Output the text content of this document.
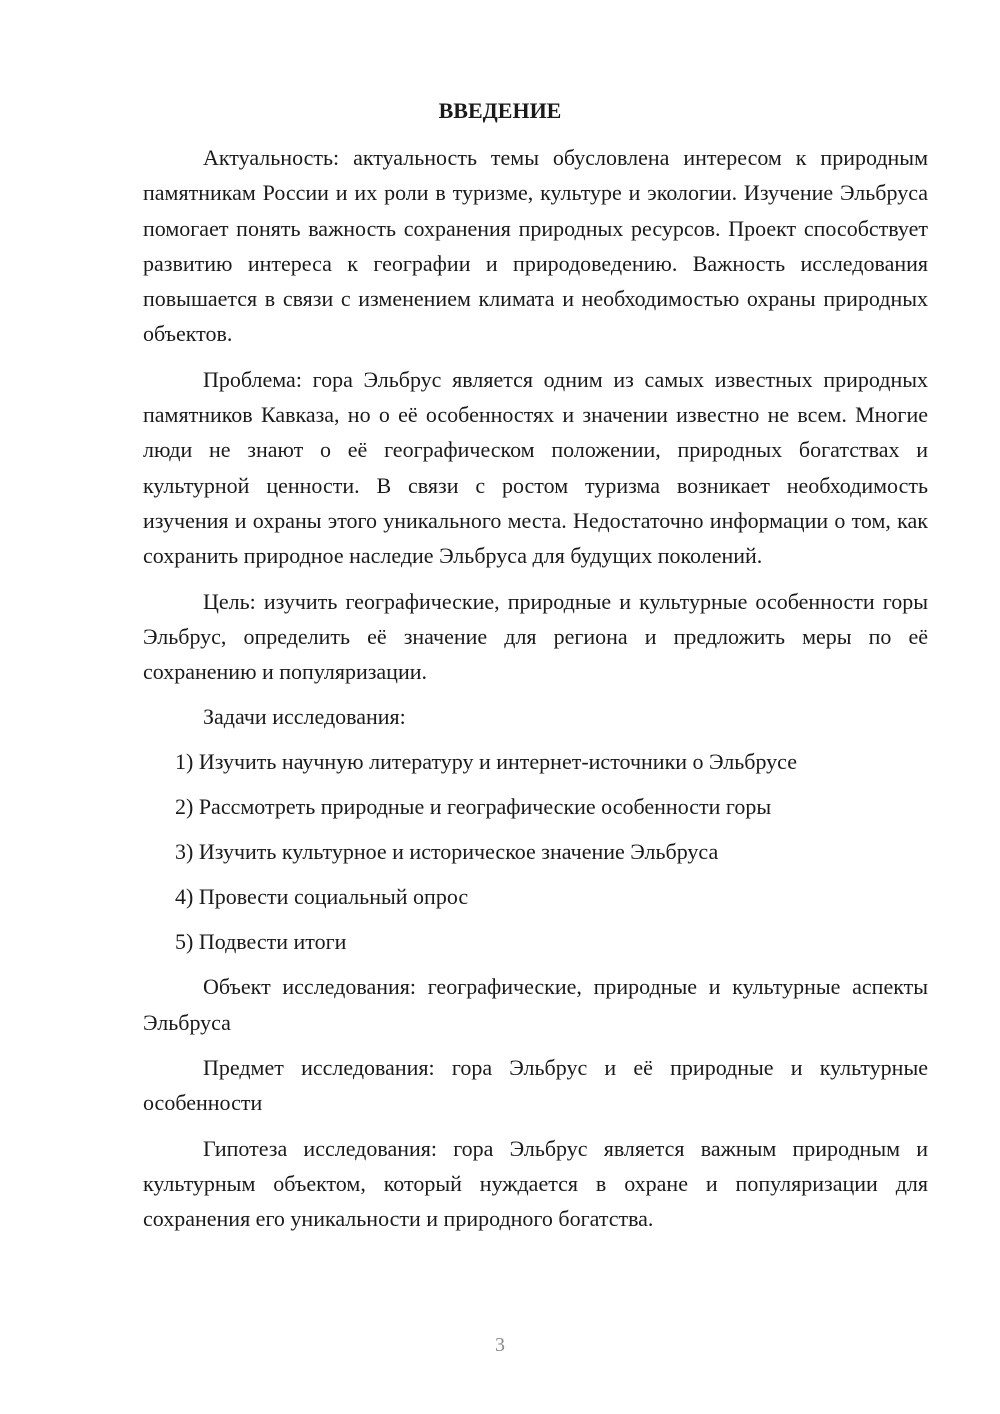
ВВЕДЕНИЕ

Актуальность: актуальность темы обусловлена интересом к природным памятникам России и их роли в туризме, культуре и экологии. Изучение Эльбруса помогает понять важность сохранения природных ресурсов. Проект способствует развитию интереса к географии и природоведению. Важность исследования повышается в связи с изменением климата и необходимостью охраны природных объектов.

Проблема: гора Эльбрус является одним из самых известных природных памятников Кавказа, но о её особенностях и значении известно не всем. Многие люди не знают о её географическом положении, природных богатствах и культурной ценности. В связи с ростом туризма возникает необходимость изучения и охраны этого уникального места. Недостаточно информации о том, как сохранить природное наследие Эльбруса для будущих поколений.

Цель: изучить географические, природные и культурные особенности горы Эльбрус, определить её значение для региона и предложить меры по её сохранению и популяризации.

Задачи исследования:

1) Изучить научную литературу и интернет-источники о Эльбрусе
2) Рассмотреть природные и географические особенности горы
3) Изучить культурное и историческое значение Эльбруса
4) Провести социальный опрос
5) Подвести итоги

Объект исследования: географические, природные и культурные аспекты Эльбруса

Предмет исследования: гора Эльбрус и её природные и культурные особенности

Гипотеза исследования: гора Эльбрус является важным природным и культурным объектом, который нуждается в охране и популяризации для сохранения его уникальности и природного богатства.

3
